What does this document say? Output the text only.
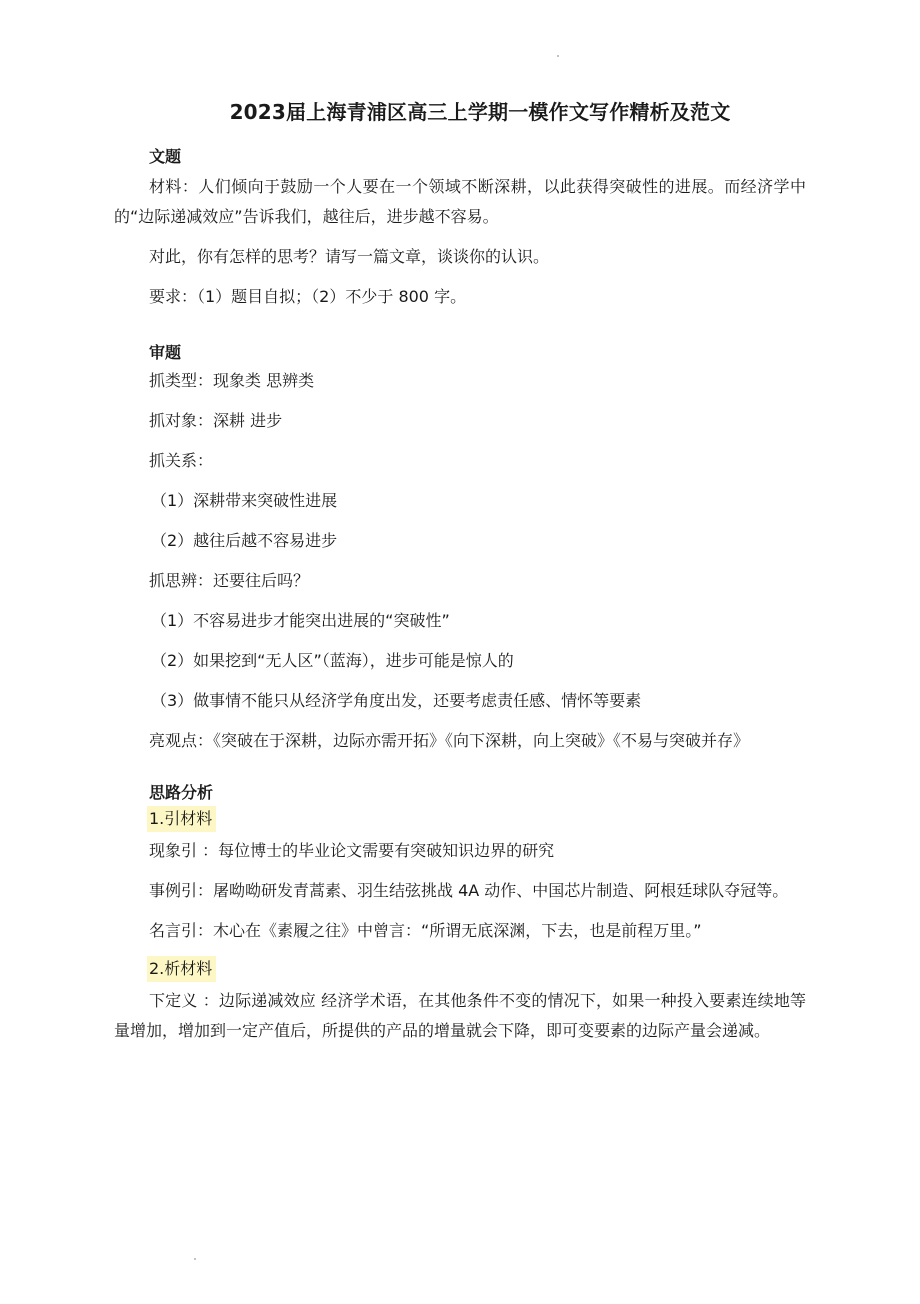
2023届上海青浦区高三上学期一模作文写作精析及范文
文题

材料：人们倾向于鼓励一个人要在一个领域不断深耕，以此获得突破性的进展。而经济学中的“边际递减效应”告诉我们，越往后，进步越不容易。

对此，你有怎样的思考？请写一篇文章，谈谈你的认识。

要求：（1）题目自拟；（2）不少于 800 字。

审题

抓类型：现象类 思辨类

抓对象：深耕 进步

抓关系：

（1）深耕带来突破性进展

（2）越往后越不容易进步

抓思辨：还要往后吗？

（1）不容易进步才能突出进展的“突破性”

（2）如果挖到“无人区”（蓝海），进步可能是惊人的

（3）做事情不能只从经济学角度出发，还要考虑责任感、情怀等要素

亮观点：《突破在于深耕，边际亦需开拓》《向下深耕，向上突破》《不易与突破并存》

思路分析
1.引材料

现象引 ：每位博士的毕业论文需要有突破知识边界的研究

事例引：屠呦呦研发青蒿素、羽生结弦挑战 4A 动作、中国芯片制造、阿根廷球队夺冠等。

名言引：木心在《素履之往》中曾言：“所谓无底深渊，下去，也是前程万里。”

2.析材料

下定义 ：边际递减效应 经济学术语，在其他条件不变的情况下，如果一种投入要素连续地等量增加，增加到一定产值后，所提供的产品的增量就会下降，即可变要素的边际产量会递减。
